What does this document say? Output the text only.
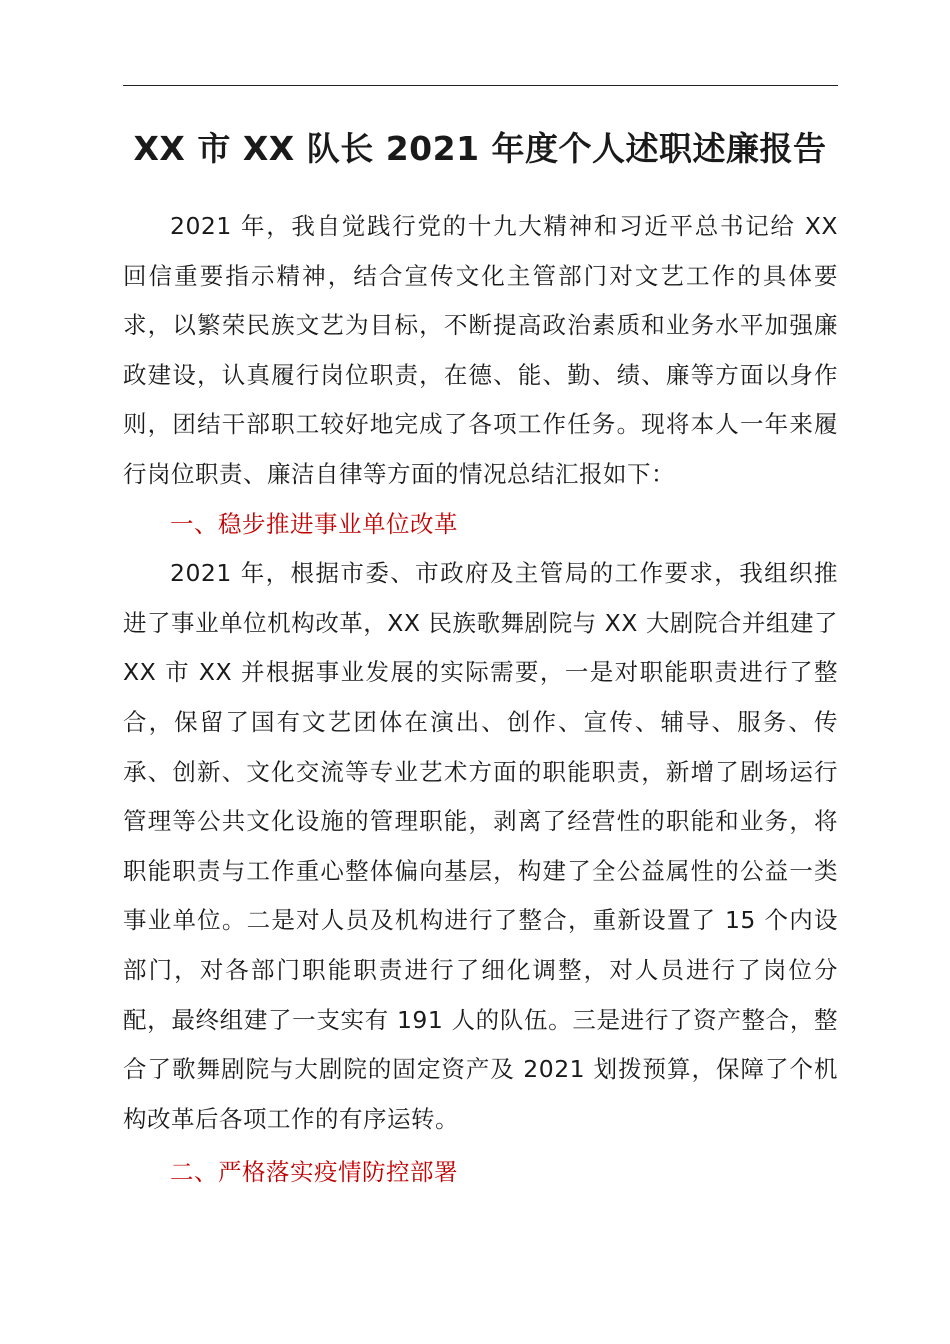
XX 市 XX 队长 2021 年度个人述职述廉报告

2021 年，我自觉践行党的十九大精神和习近平总书记给 XX 回信重要指示精神，结合宣传文化主管部门对文艺工作的具体要求，以繁荣民族文艺为目标，不断提高政治素质和业务水平加强廉政建设，认真履行岗位职责，在德、能、勤、绩、廉等方面以身作则，团结干部职工较好地完成了各项工作任务。现将本人一年来履行岗位职责、廉洁自律等方面的情况总结汇报如下：

一、稳步推进事业单位改革

2021 年，根据市委、市政府及主管局的工作要求，我组织推进了事业单位机构改革，XX 民族歌舞剧院与 XX 大剧院合并组建了 XX 市 XX 并根据事业发展的实际需要，一是对职能职责进行了整合，保留了国有文艺团体在演出、创作、宣传、辅导、服务、传承、创新、文化交流等专业艺术方面的职能职责，新增了剧场运行管理等公共文化设施的管理职能，剥离了经营性的职能和业务，将职能职责与工作重心整体偏向基层，构建了全公益属性的公益一类事业单位。二是对人员及机构进行了整合，重新设置了 15 个内设部门，对各部门职能职责进行了细化调整，对人员进行了岗位分配，最终组建了一支实有 191 人的队伍。三是进行了资产整合，整合了歌舞剧院与大剧院的固定资产及 2021 划拨预算，保障了个机构改革后各项工作的有序运转。

二、严格落实疫情防控部署
